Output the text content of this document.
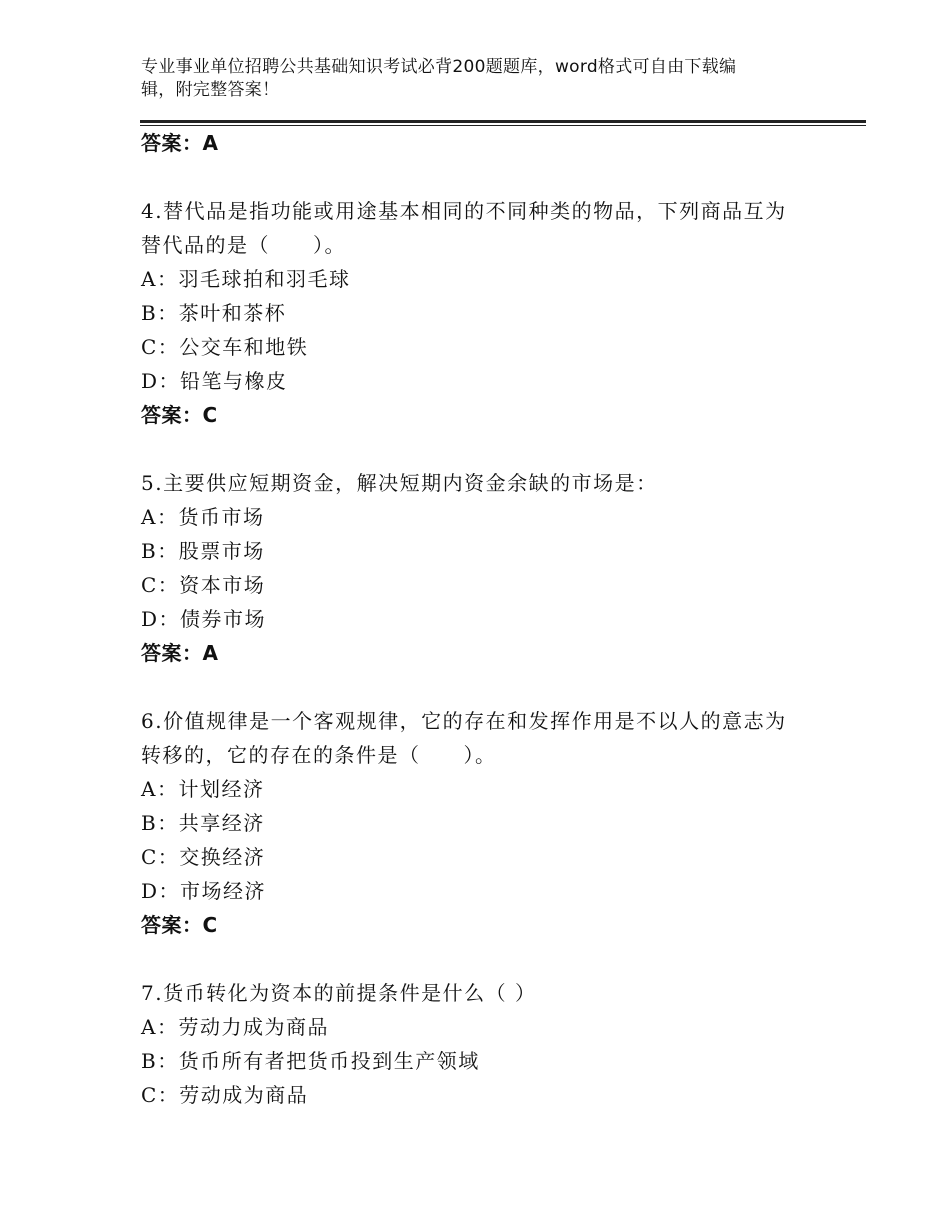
专业事业单位招聘公共基础知识考试必背200题题库，word格式可自由下载编
辑，附完整答案！
答案：A
4.替代品是指功能或用途基本相同的不同种类的物品，下列商品互为
替代品的是（　　）。
A：羽毛球拍和羽毛球
B：茶叶和茶杯
C：公交车和地铁
D：铅笔与橡皮
答案：C
5.主要供应短期资金，解决短期内资金余缺的市场是：
A：货币市场
B：股票市场
C：资本市场
D：债券市场
答案：A
6.价值规律是一个客观规律，它的存在和发挥作用是不以人的意志为
转移的，它的存在的条件是（　　）。
A：计划经济
B：共享经济
C：交换经济
D：市场经济
答案：C
7.货币转化为资本的前提条件是什么（ ）
A：劳动力成为商品
B：货币所有者把货币投到生产领域
C：劳动成为商品
